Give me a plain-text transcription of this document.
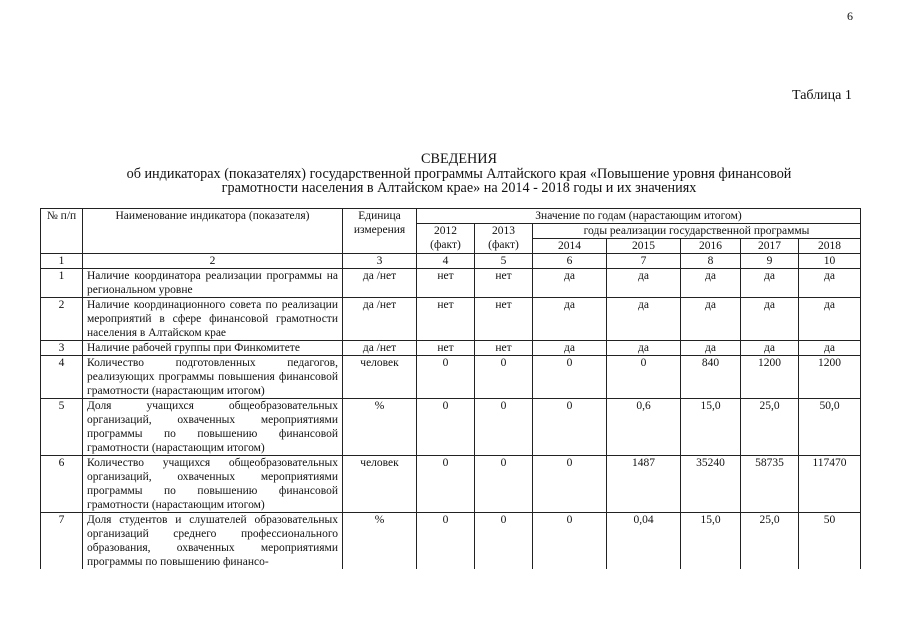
6
Таблица 1
СВЕДЕНИЯ
об индикаторах (показателях) государственной программы Алтайского края «Повышение уровня финансовой
грамотности населения в Алтайском крае» на 2014 - 2018 годы и их значениях
№ п/п	Наименование индикатора (показателя)	Единица измерения	Значение по годам (нарастающим итогом)						
			2012 (факт)	2013 (факт)	годы реализации государственной программы				
					2014	2015	2016	2017	2018
1	2	3	4	5	6	7	8	9	10
1	Наличие координатора реализации программы на региональном уровне	да /нет	нет	нет	да	да	да	да	да
2	Наличие координационного совета по реализации мероприятий в сфере финансовой грамотности населения в Алтайском крае	да /нет	нет	нет	да	да	да	да	да
3	Наличие рабочей группы при Финкомитете	да /нет	нет	нет	да	да	да	да	да
4	Количество подготовленных педагогов, реализующих программы повышения финансовой грамотности (нарастающим итогом)	человек	0	0	0	0	840	1200	1200
5	Доля учащихся общеобразовательных организаций, охваченных мероприятиями программы по повышению финансовой грамотности (нарастающим итогом)	%	0	0	0	0,6	15,0	25,0	50,0
6	Количество учащихся общеобразовательных организаций, охваченных мероприятиями программы по повышению финансовой грамотности (нарастающим итогом)	человек	0	0	0	1487	35240	58735	117470
7	Доля студентов и слушателей образовательных организаций среднего профессионального образования, охваченных мероприятиями программы по повышению финансо-	%	0	0	0	0,04	15,0	25,0	50
